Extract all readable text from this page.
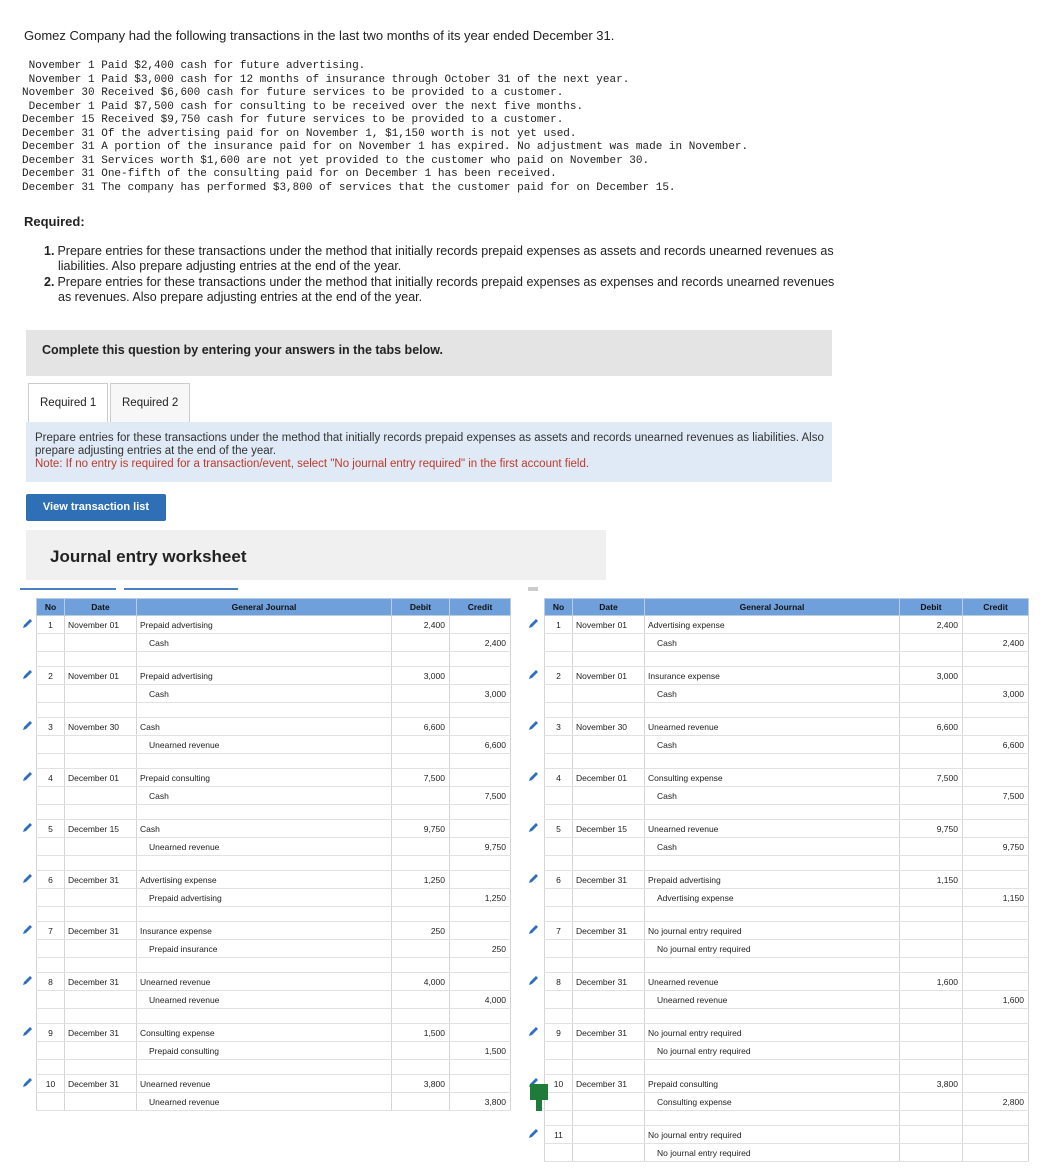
Gomez Company had the following transactions in the last two months of its year ended December 31.
November 1 Paid $2,400 cash for future advertising.
November 1 Paid $3,000 cash for 12 months of insurance through October 31 of the next year.
November 30 Received $6,600 cash for future services to be provided to a customer.
December 1 Paid $7,500 cash for consulting to be received over the next five months.
December 15 Received $9,750 cash for future services to be provided to a customer.
December 31 Of the advertising paid for on November 1, $1,150 worth is not yet used.
December 31 A portion of the insurance paid for on November 1 has expired. No adjustment was made in November.
December 31 Services worth $1,600 are not yet provided to the customer who paid on November 30.
December 31 One-fifth of the consulting paid for on December 1 has been received.
December 31 The company has performed $3,800 of services that the customer paid for on December 15.
Required:
1. Prepare entries for these transactions under the method that initially records prepaid expenses as assets and records unearned revenues as liabilities. Also prepare adjusting entries at the end of the year.
2. Prepare entries for these transactions under the method that initially records prepaid expenses as expenses and records unearned revenues as revenues. Also prepare adjusting entries at the end of the year.
Complete this question by entering your answers in the tabs below.
Required 1	Required 2

Prepare entries for these transactions under the method that initially records prepaid expenses as assets and records unearned revenues as liabilities. Also prepare adjusting entries at the end of the year.
Note: If no entry is required for a transaction/event, select "No journal entry required" in the first account field.

View transaction list
Journal entry worksheet
No	Date	General Journal	Debit	Credit
1	November 01	Prepaid advertising	2,400	
		Cash		2,400

2	November 01	Prepaid advertising	3,000	
		Cash		3,000

3	November 30	Cash	6,600	
		Unearned revenue		6,600

4	December 01	Prepaid consulting	7,500	
		Cash		7,500

5	December 15	Cash	9,750	
		Unearned revenue		9,750

6	December 31	Advertising expense	1,250	
		Prepaid advertising		1,250

7	December 31	Insurance expense	250	
		Prepaid insurance		250

8	December 31	Unearned revenue	4,000	
		Unearned revenue		4,000

9	December 31	Consulting expense	1,500	
		Prepaid consulting		1,500

10	December 31	Unearned revenue	3,800	
		Unearned revenue		3,800
No	Date	General Journal	Debit	Credit
1	November 01	Advertising expense	2,400	
		Cash		2,400

2	November 01	Insurance expense	3,000	
		Cash		3,000

3	November 30	Unearned revenue	6,600	
		Cash		6,600

4	December 01	Consulting expense	7,500	
		Cash		7,500

5	December 15	Unearned revenue	9,750	
		Cash		9,750

6	December 31	Prepaid advertising	1,150	
		Advertising expense		1,150

7	December 31	No journal entry required		
		No journal entry required		

8	December 31	Unearned revenue	1,600	
		Unearned revenue		1,600

9	December 31	No journal entry required		
		No journal entry required		

10	December 31	Prepaid consulting	3,800	
		Consulting expense		2,800

11		No journal entry required		
		No journal entry required		
